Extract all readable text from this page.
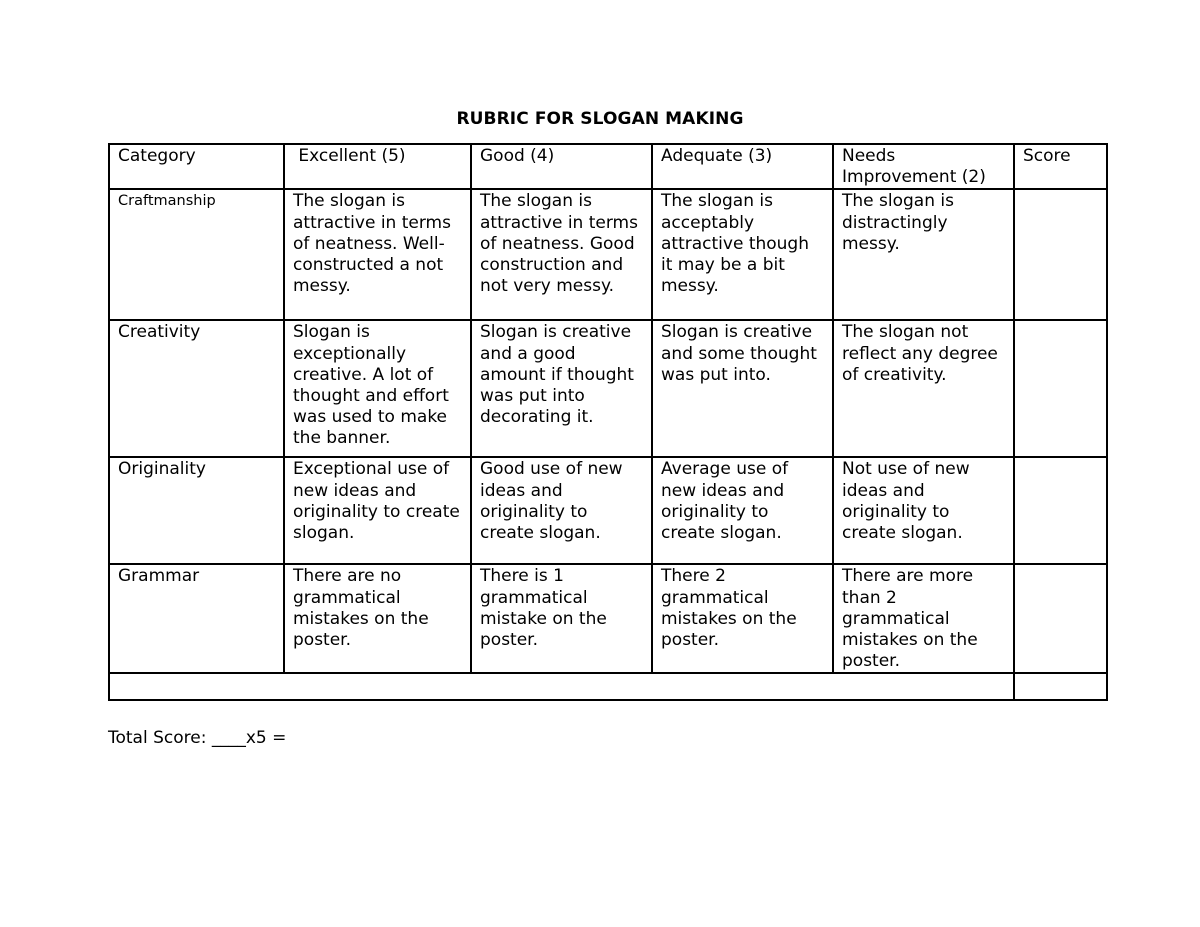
RUBRIC FOR SLOGAN MAKING
Category	Excellent (5)	Good (4)	Adequate (3)	Needs Improvement (2)	Score
Craftmanship	The slogan is attractive in terms of neatness. Well-constructed a not messy.	The slogan is attractive in terms of neatness. Good construction and not very messy.	The slogan is acceptably attractive though it may be a bit messy.	The slogan is distractingly messy.	
Creativity	Slogan is exceptionally creative. A lot of thought and effort was used to make the banner.	Slogan is creative and a good amount if thought was put into decorating it.	Slogan is creative and some thought was put into.	The slogan not reflect any degree of creativity.	
Originality	Exceptional use of new ideas and originality to create slogan.	Good use of new ideas and originality to create slogan.	Average use of new ideas and originality to create slogan.	Not use of new ideas and originality to create slogan.	
Grammar	There are no grammatical mistakes on the poster.	There is 1 grammatical mistake on the poster.	There 2 grammatical mistakes on the poster.	There are more than 2 grammatical mistakes on the poster.	

Total Score: ____x5 =
